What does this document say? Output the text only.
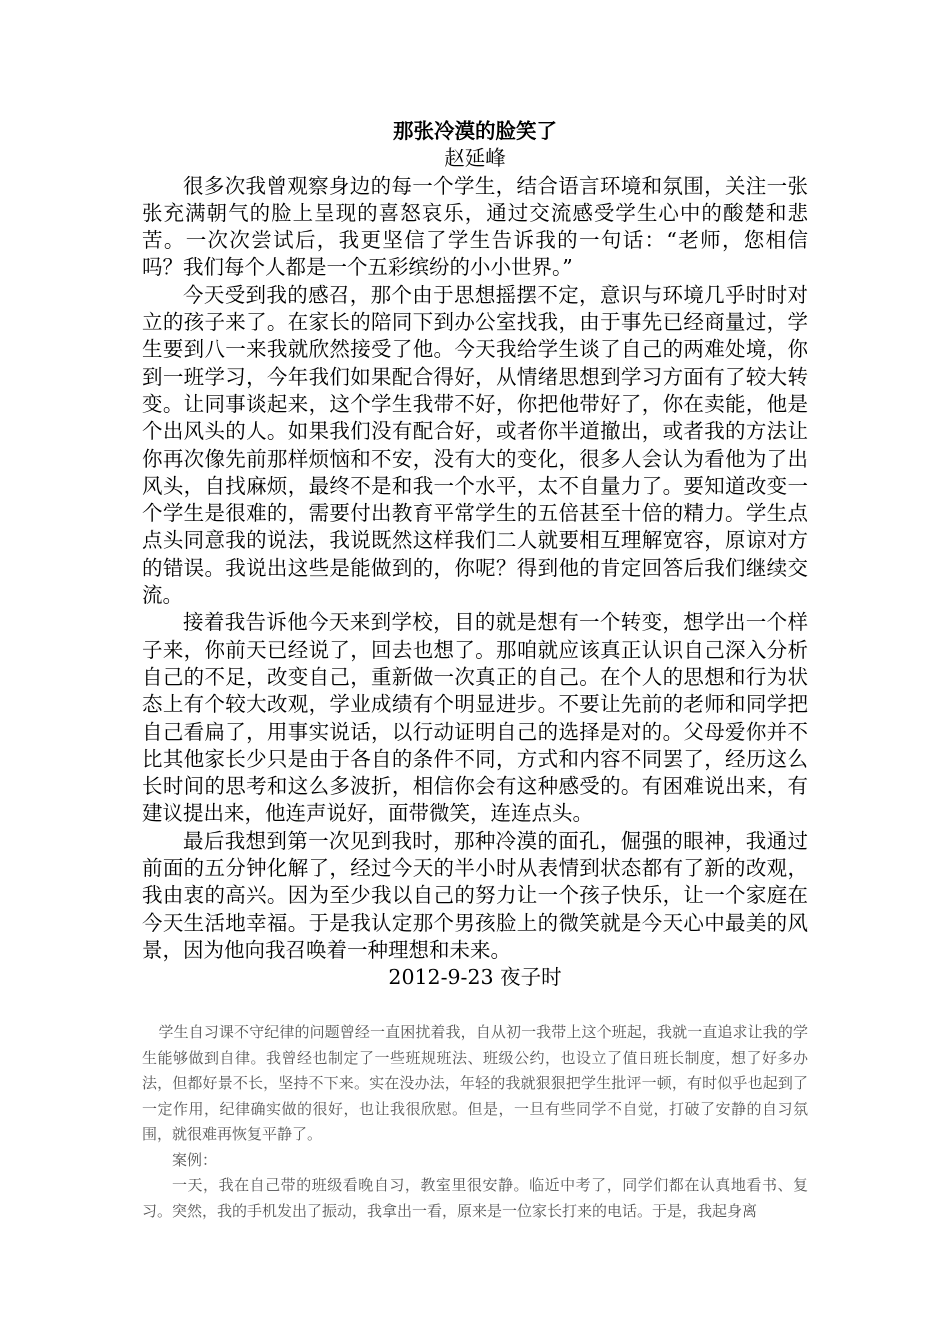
那张冷漠的脸笑了

赵延峰

很多次我曾观察身边的每一个学生，结合语言环境和氛围，关注一张张充满朝气的脸上呈现的喜怒哀乐，通过交流感受学生心中的酸楚和悲苦。一次次尝试后，我更坚信了学生告诉我的一句话：“老师，您相信吗？我们每个人都是一个五彩缤纷的小小世界。”

今天受到我的感召，那个由于思想摇摆不定，意识与环境几乎时时对立的孩子来了。在家长的陪同下到办公室找我，由于事先已经商量过，学生要到八一来我就欣然接受了他。今天我给学生谈了自己的两难处境，你到一班学习，今年我们如果配合得好，从情绪思想到学习方面有了较大转变。让同事谈起来，这个学生我带不好，你把他带好了，你在卖能，他是个出风头的人。如果我们没有配合好，或者你半道撤出，或者我的方法让你再次像先前那样烦恼和不安，没有大的变化，很多人会认为看他为了出风头，自找麻烦，最终不是和我一个水平，太不自量力了。要知道改变一个学生是很难的，需要付出教育平常学生的五倍甚至十倍的精力。学生点点头同意我的说法，我说既然这样我们二人就要相互理解宽容，原谅对方的错误。我说出这些是能做到的，你呢？得到他的肯定回答后我们继续交流。

接着我告诉他今天来到学校，目的就是想有一个转变，想学出一个样子来，你前天已经说了，回去也想了。那咱就应该真正认识自己深入分析自己的不足，改变自己，重新做一次真正的自己。在个人的思想和行为状态上有个较大改观，学业成绩有个明显进步。不要让先前的老师和同学把自己看扁了，用事实说话，以行动证明自己的选择是对的。父母爱你并不比其他家长少只是由于各自的条件不同，方式和内容不同罢了，经历这么长时间的思考和这么多波折，相信你会有这种感受的。有困难说出来，有建议提出来，他连声说好，面带微笑，连连点头。

最后我想到第一次见到我时，那种冷漠的面孔，倔强的眼神，我通过前面的五分钟化解了，经过今天的半小时从表情到状态都有了新的改观，我由衷的高兴。因为至少我以自己的努力让一个孩子快乐，让一个家庭在今天生活地幸福。于是我认定那个男孩脸上的微笑就是今天心中最美的风景，因为他向我召唤着一种理想和未来。

2012-9-23 夜子时

学生自习课不守纪律的问题曾经一直困扰着我，自从初一我带上这个班起，我就一直追求让我的学生能够做到自律。我曾经也制定了一些班规班法、班级公约，也设立了值日班长制度，想了好多办法，但都好景不长，坚持不下来。实在没办法，年轻的我就狠狠把学生批评一顿，有时似乎也起到了一定作用，纪律确实做的很好，也让我很欣慰。但是，一旦有些同学不自觉，打破了安静的自习氛围，就很难再恢复平静了。

案例：

一天，我在自己带的班级看晚自习，教室里很安静。临近中考了，同学们都在认真地看书、复习。突然，我的手机发出了振动，我拿出一看，原来是一位家长打来的电话。于是，我起身离
